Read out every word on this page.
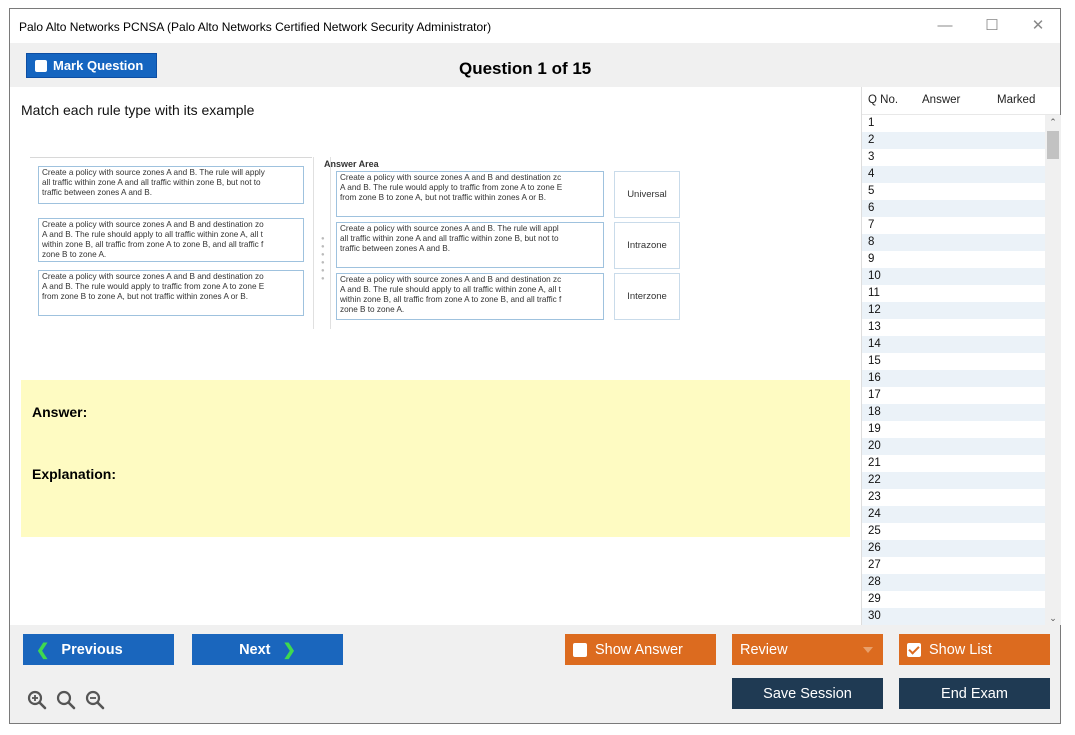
Palo Alto Networks PCNSA (Palo Alto Networks Certified Network Security Administrator)	—	☐	✕
Mark Question	Question 1 of 15
Match each rule type with its example
Create a policy with source zones A and B. The rule will apply
all traffic within zone A and all traffic within zone B, but not to
traffic between zones A and B.
Create a policy with source zones A and B and destination zo
A and B. The rule should apply to all traffic within zone A, all t
within zone B, all traffic from zone A to zone B, and all traffic f
zone B to zone A.
Create a policy with source zones A and B and destination zo
A and B. The rule would apply to traffic from zone A to zone E
from zone B to zone A, but not traffic within zones A or B.
●
●
●
●
●
●
Answer Area
Create a policy with source zones A and B and destination zc
A and B. The rule would apply to traffic from zone A to zone E
from zone B to zone A, but not traffic within zones A or B.
Create a policy with source zones A and B. The rule will appl
all traffic within zone A and all traffic within zone B, but not to
traffic between zones A and B.
Create a policy with source zones A and B and destination zc
A and B. The rule should apply to all traffic within zone A, all t
within zone B, all traffic from zone A to zone B, and all traffic f
zone B to zone A.
Universal
Intrazone
Interzone
Answer:
Explanation:
Q No. Answer	Marked
1
2
3
4
5
6
7
8
9
10
11
12
13
14
15
16
17
18
19
20
21
22
23
24
25
26
27
28
29
30
⌃
⌄
❮ Previous	Next ❯	Show Answer	Review	Show List
Save Session	End Exam
